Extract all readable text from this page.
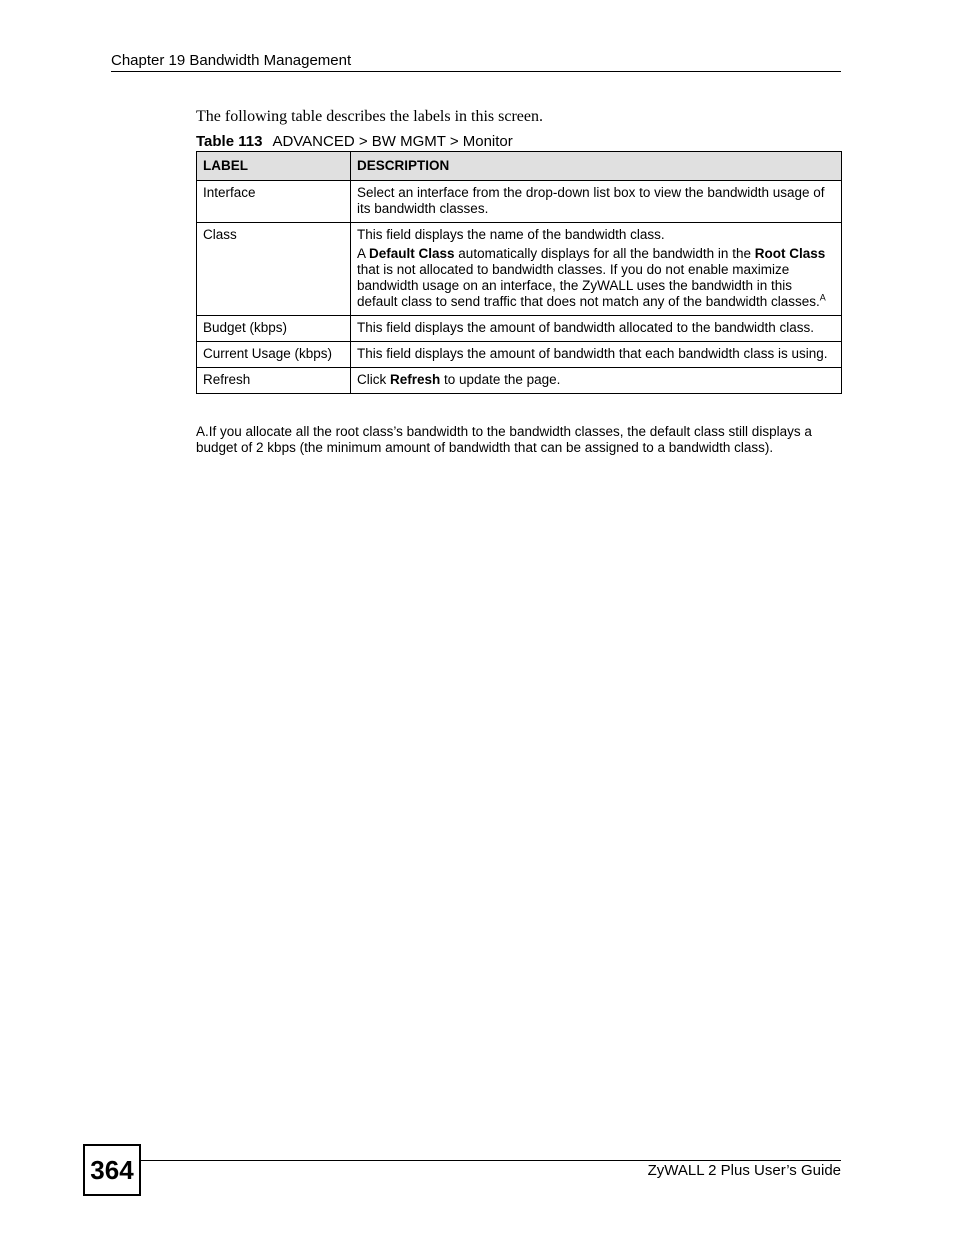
Chapter 19 Bandwidth Management
The following table describes the labels in this screen.
Table 113 ADVANCED > BW MGMT > Monitor
LABEL	DESCRIPTION
Interface	Select an interface from the drop-down list box to view the bandwidth usage of its bandwidth classes.
Class	This field displays the name of the bandwidth class.

A Default Class automatically displays for all the bandwidth in the Root Class that is not allocated to bandwidth classes. If you do not enable maximize bandwidth usage on an interface, the ZyWALL uses the bandwidth in this default class to send traffic that does not match any of the bandwidth classes.$^A$

Budget (kbps)	This field displays the amount of bandwidth allocated to the bandwidth class.
Current Usage (kbps)	This field displays the amount of bandwidth that each bandwidth class is using.
Refresh	Click Refresh to update the page.
A.If you allocate all the root class’s bandwidth to the bandwidth classes, the default class still displays a budget of 2 kbps (the minimum amount of bandwidth that can be assigned to a bandwidth class).
364	ZyWALL 2 Plus User’s Guide
